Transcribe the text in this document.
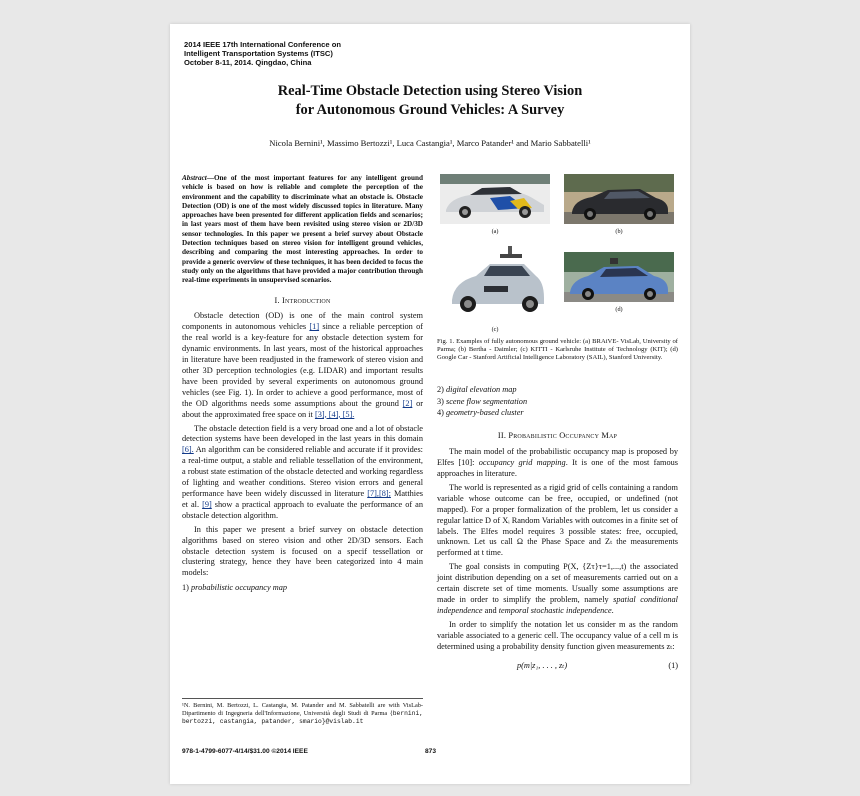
2014 IEEE 17th International Conference on
Intelligent Transportation Systems (ITSC)
October 8-11, 2014. Qingdao, China
Real-Time Obstacle Detection using Stereo Vision
for Autonomous Ground Vehicles: A Survey
Nicola Bernini¹, Massimo Bertozzi¹, Luca Castangia¹, Marco Patander¹ and Mario Sabbatelli¹

Abstract—One of the most important features for any intelligent ground vehicle is based on how is reliable and complete the perception of the environment and the capability to discriminate what an obstacle is. Obstacle Detection (OD) is one of the most widely discussed topics in literature. Many approaches have been presented for different application fields and scenarios; in last years most of them have been revisited using stereo vision or 2D/3D sensor technologies. In this paper we present a brief survey about Obstacle Detection techniques based on stereo vision for intelligent ground vehicles, describing and comparing the most interesting approaches. In order to provide a generic overview of these techniques, it has been decided to focus the study only on the algorithms that have provided a major contribution through real-time experiments in unsupervised scenarios.

I. Introduction

Obstacle detection (OD) is one of the main control system components in autonomous vehicles [1] since a reliable perception of the real world is a key-feature for any obstacle detection system for dynamic environments. In last years, most of the historical approaches in literature have been readjusted in the framework of stereo vision and other 3D perception technologies (e.g. LIDAR) and important results have been provided by several experiments on autonomous ground vehicles (see Fig. 1). In order to achieve a good performance, most of the OD algorithms needs some assumptions about the ground [2] or about the approximated free space on it [3], [4], [5].

The obstacle detection field is a very broad one and a lot of obstacle detection systems have been developed in the last years in this domain [6]. An algorithm can be considered reliable and accurate if it provides: a real-time output, a stable and reliable tessellation of the environment, a robust state estimation of the obstacle detected and working regardless of lighting and weather conditions. Stereo vision errors and general performance have been widely discussed in literature [7],[8]; Matthies et al. [9] show a practical approach to evaluate the performance of an obstacle detection algorithm.

In this paper we present a brief survey on obstacle detection algorithms based on stereo vision and other 2D/3D sensors. Each obstacle detection system is focused on a specif tessellation or clustering strategy, hence they have been categorized into 4 main models:

1) probabilistic occupancy map
¹N. Bernini, M. Bertozzi, L. Castangia, M. Patander and M. Sabbatelli are with VisLab-Dipartimento di Ingegneria dell'Informazione, Università degli Studi di Parma {bernini, bertozzi, castangia, patander, smario}@vislab.it
(a)	(b)
(c)
(d)
Fig. 1. Examples of fully autonomous ground vehicle: (a) BRAiVE- VisLab, University of Parma; (b) Bertha - Daimler; (c) KITTI - Karlsruhe Institute of Technology (KIT); (d) Google Car - Stanford Artificial Intelligence Laboratory (SAIL), Stanford University.
2) digital elevation map
3) scene flow segmentation
4) geometry-based cluster
II. Probabilistic Occupancy Map

The main model of the probabilistic occupancy map is proposed by Elfes [10]: occupancy grid mapping. It is one of the most famous approaches in literature.

The world is represented as a rigid grid of cells containing a random variable whose outcome can be free, occupied, or undefined (not mapped). For a proper formalization of the problem, let us consider a regular lattice D of Xᵢ Random Variables with outcomes in a finite set of labels. The Elfes model requires 3 possible states: free, occupied, unknown. Let us call Ω the Phase Space and Zₜ the measurements performed at t time.

The goal consists in computing P(X, {Zτ}τ=1,...,t) the associated joint distribution depending on a set of measurements carried out on a certain discrete set of time moments. Usually some assumptions are made in order to simplify the problem, namely spatial conditional independence and temporal stochastic independence.

In order to simplify the notation let us consider m as the random variable associated to a generic cell. The occupancy value of a cell m is determined using a probability density function given measurements zₜ:

p(m|z₁, . . . , zₜ)	(1)
978-1-4799-6077-4/14/$31.00 ©2014 IEEE	873
